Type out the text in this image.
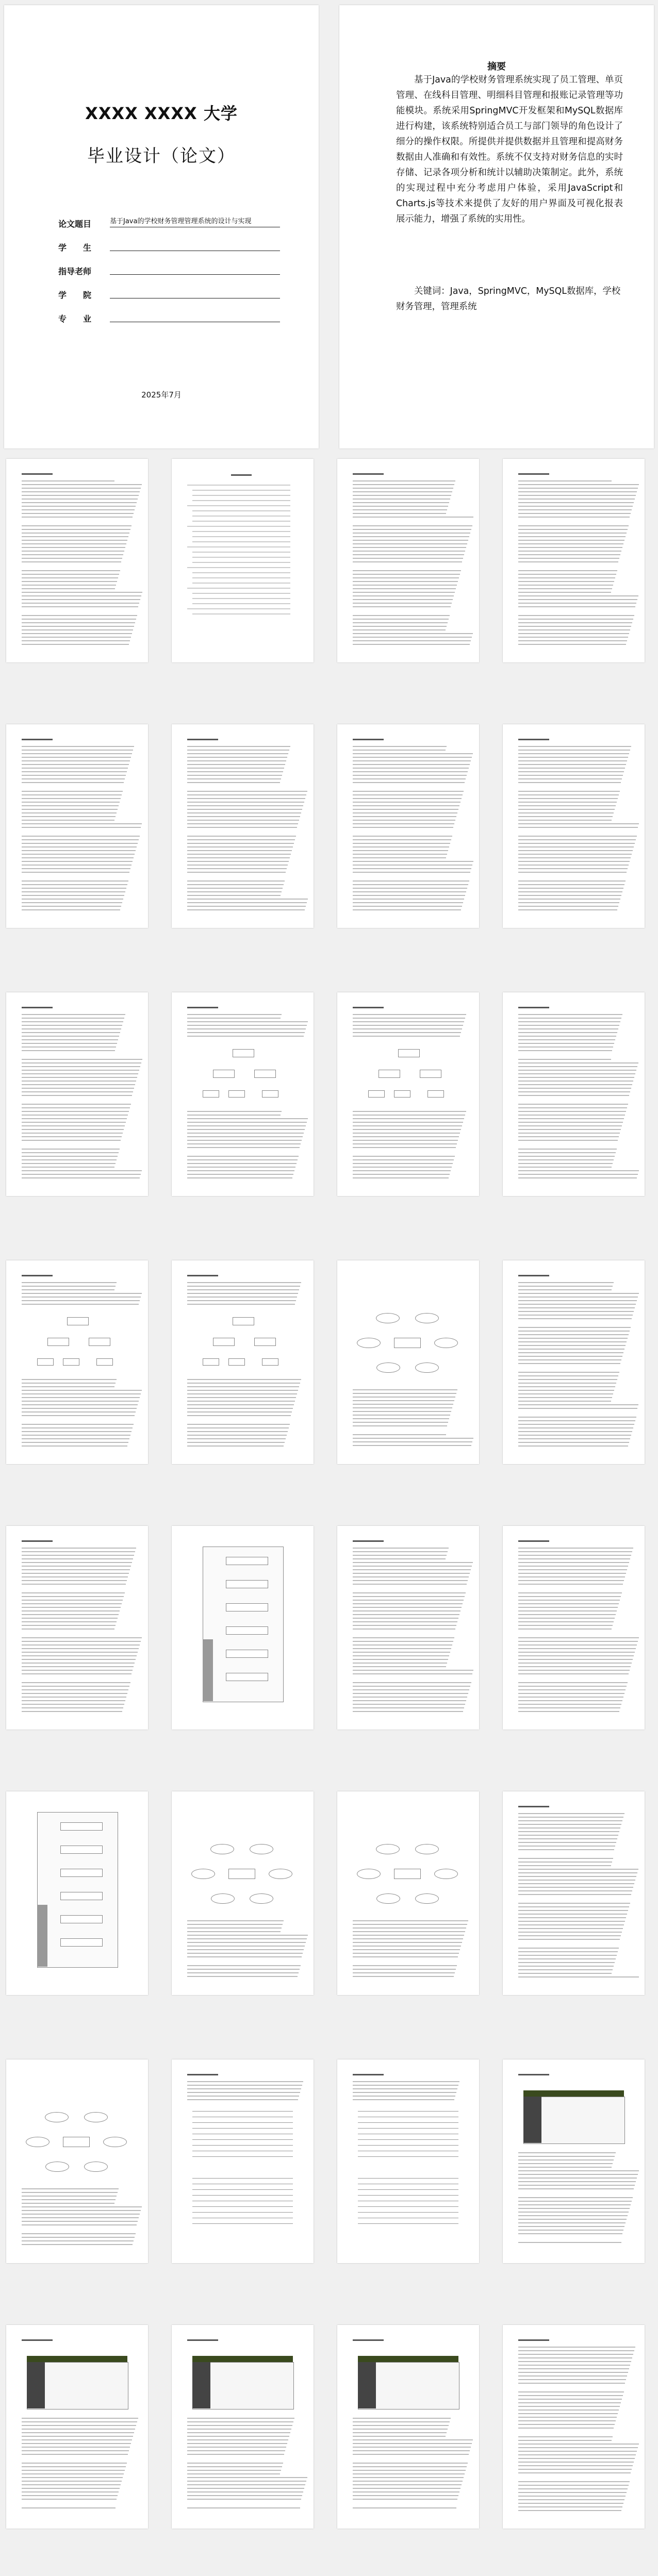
XXXX XXXX 大学
毕业设计（论文）
论文题目	基于Java的学校财务管理管理系统的设计与实现
学　　生
指导老师
学　　院
专　　业
2025年7月
摘要
基于Java的学校财务管理系统实现了员工管理、单页管理、在线科目管理、明细科目管理和报账记录管理等功能模块。系统采用SpringMVC开发框架和MySQL数据库进行构建，该系统特别适合员工与部门领导的角色设计了细分的操作权限。所提供并提供数据并且管理和提高财务数据由人准确和有效性。系统不仅支持对财务信息的实时存储、记录各项分析和统计以辅助决策制定。此外，系统的实现过程中充分考虑用户体验，采用JavaScript和Charts.js等技术来提供了友好的用户界面及可视化报表展示能力，增强了系统的实用性。
关键词：Java，SpringMVC，MySQL数据库，学校财务管理，管理系统
